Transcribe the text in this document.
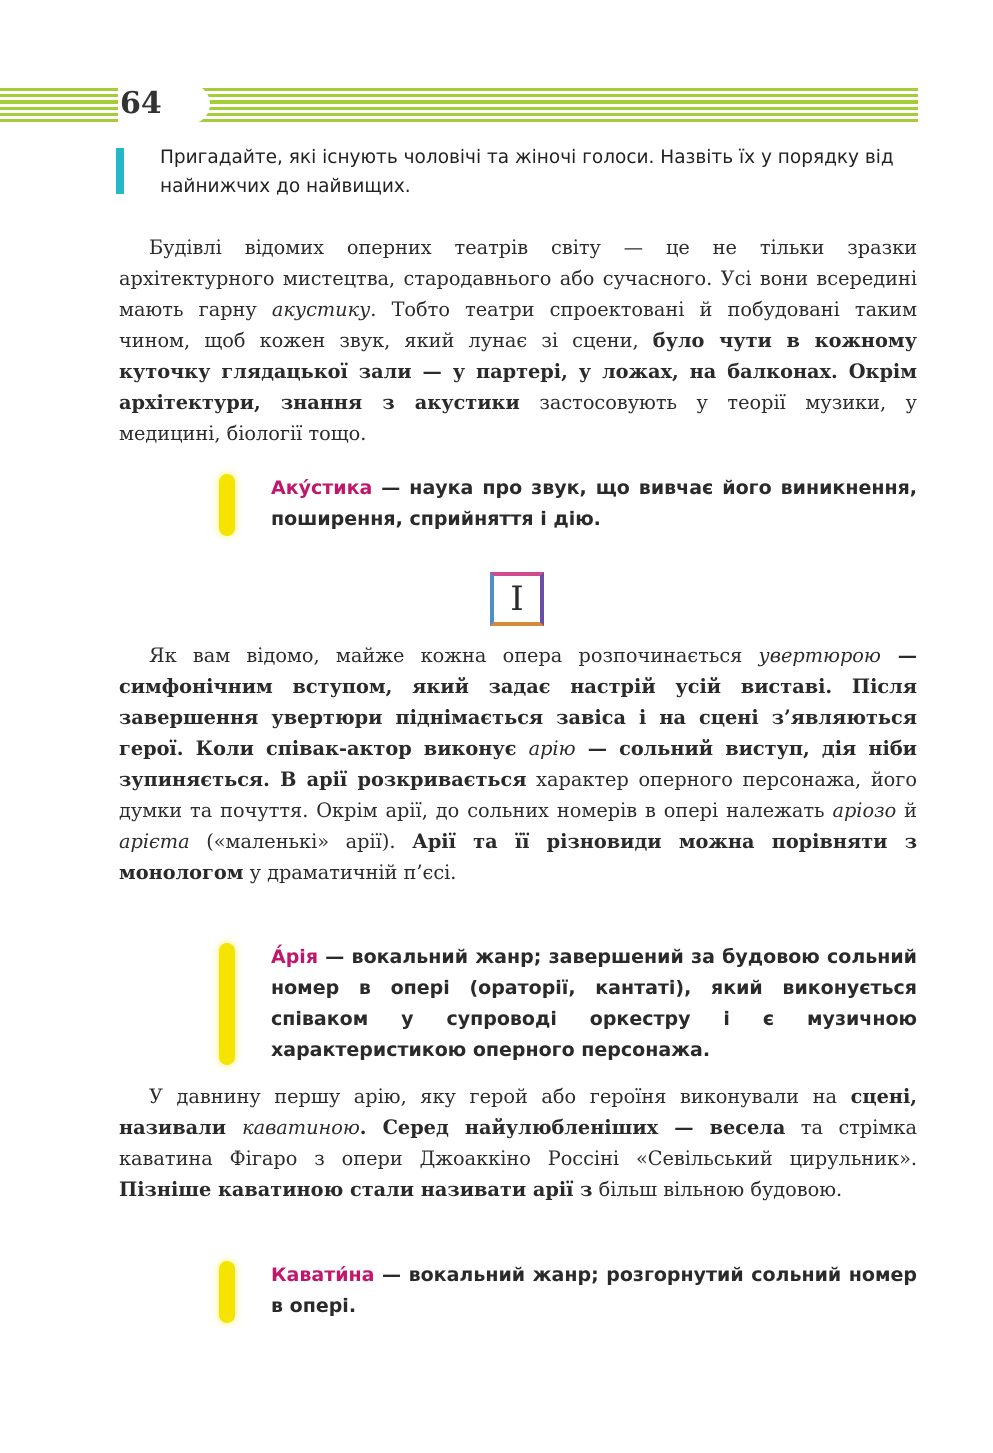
64
Пригадайте, які існують чоловічі та жіночі голоси. Назвіть їх у порядку від найнижчих до найвищих.

Будівлі відомих оперних театрів світу — це не тільки зразки архітектурного мистецтва, стародавнього або сучасного. Усі вони всередині мають гарну акустику. Тобто театри спроектовані й побудовані таким чином, щоб кожен звук, який лунає зі сцени, було чути в кожному куточку глядацької зали — у партері, у ложах, на балконах. Окрім архітектури, знання з акустики застосовують у теорії музики, у медицині, біології тощо.

Аку́стика — наука про звук, що вивчає його виникнення, поширення, сприйняття і дію.
I

Як вам відомо, майже кожна опера розпочинається увертюрою — симфонічним вступом, який задає настрій усій виставі. Після завершення увертюри піднімається завіса і на сцені з’являються герої. Коли співак-актор виконує арію — сольний виступ, дія ніби зупиняється. В арії розкривається характер оперного персонажа, його думки та почуття. Окрім арії, до сольних номерів в опері належать аріозо й арієта («маленькі» арії). Арії та її різновиди можна порівняти з монологом у драматичній п’єсі.

А́рія — вокальний жанр; завершений за будовою сольний номер в опері (ораторії, кантаті), який виконується співаком у супроводі оркестру і є музичною характеристикою оперного персонажа.

У давнину першу арію, яку герой або героїня виконували на сцені, називали каватиною. Серед найулюбленіших — весела та стрімка каватина Фігаро з опери Джоаккіно Россіні «Севільський цирульник». Пізніше каватиною стали називати арії з більш вільною будовою.

Кавати́на — вокальний жанр; розгорнутий сольний номер в опері.
